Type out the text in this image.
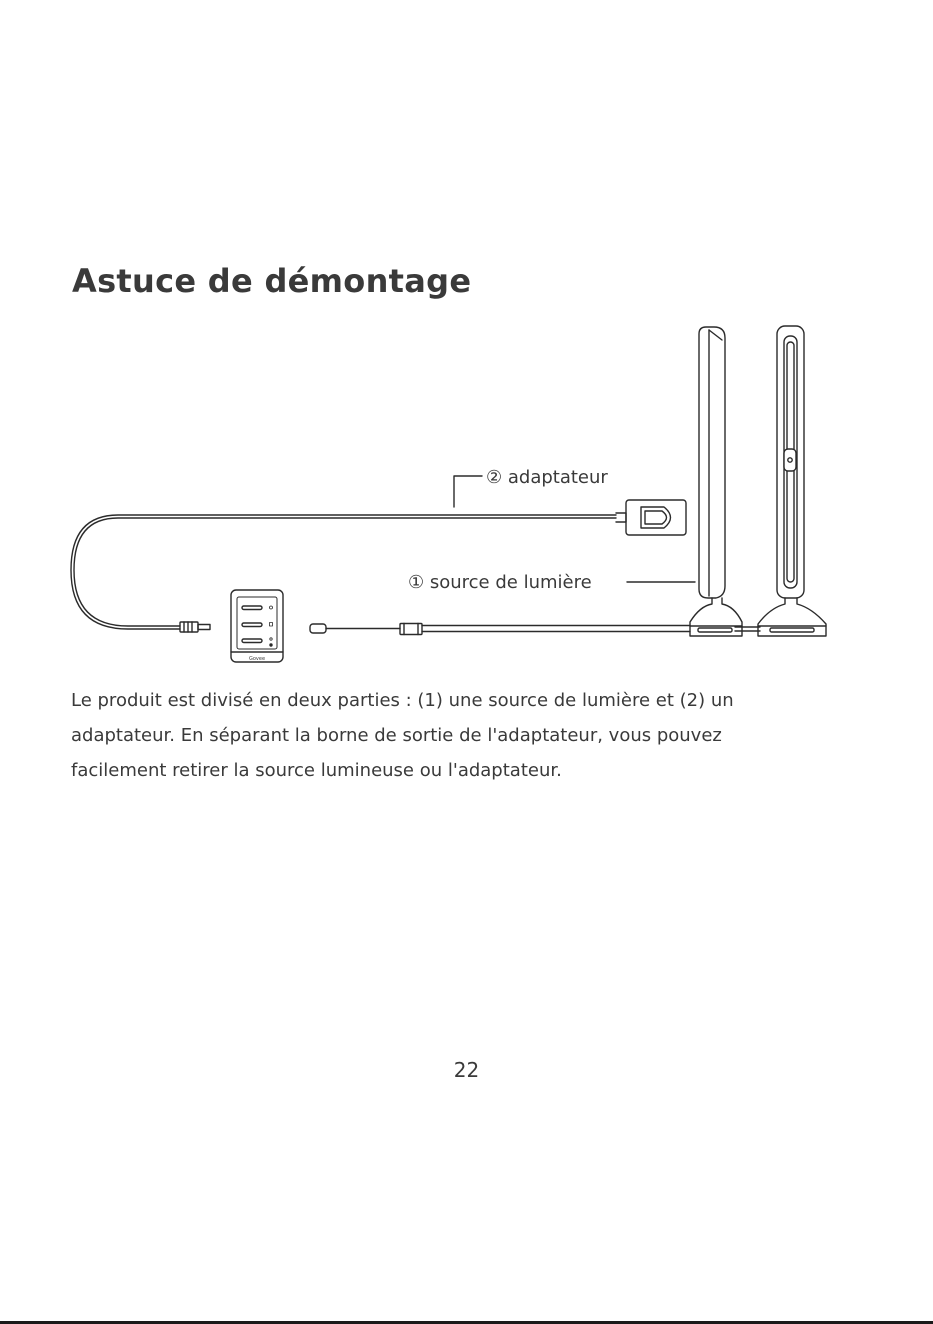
Astuce de démontage
② adaptateur
① source de lumière
Govee

Le produit est divisé en deux parties : (1) une source de lumière et (2) un
adaptateur. En séparant la borne de sortie de l'adaptateur, vous pouvez
facilement retirer la source lumineuse ou l'adaptateur.

22
